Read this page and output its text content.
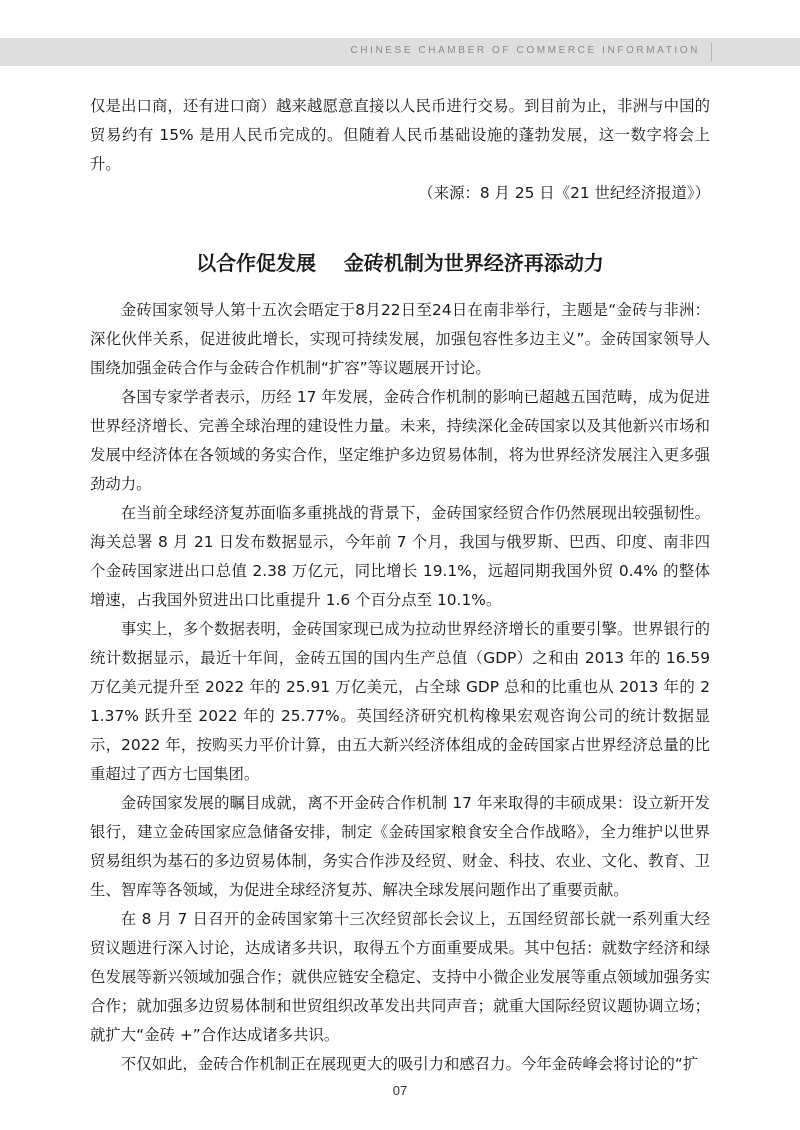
CHINESE CHAMBER OF COMMERCE INFORMATION

仅是出口商，还有进口商）越来越愿意直接以人民币进行交易。到目前为止，非洲与中国的贸易约有 15% 是用人民币完成的。但随着人民币基础设施的蓬勃发展，这一数字将会上升。

（来源：8 月 25 日《21 世纪经济报道》）

以合作促发展    金砖机制为世界经济再添动力

金砖国家领导人第十五次会晤定于8月22日至24日在南非举行，主题是“金砖与非洲：深化伙伴关系，促进彼此增长，实现可持续发展，加强包容性多边主义”。金砖国家领导人围绕加强金砖合作与金砖合作机制“扩容”等议题展开讨论。

各国专家学者表示，历经 17 年发展，金砖合作机制的影响已超越五国范畴，成为促进世界经济增长、完善全球治理的建设性力量。未来，持续深化金砖国家以及其他新兴市场和发展中经济体在各领域的务实合作，坚定维护多边贸易体制，将为世界经济发展注入更多强劲动力。

在当前全球经济复苏面临多重挑战的背景下，金砖国家经贸合作仍然展现出较强韧性。海关总署 8 月 21 日发布数据显示，今年前 7 个月，我国与俄罗斯、巴西、印度、南非四个金砖国家进出口总值 2.38 万亿元，同比增长 19.1%，远超同期我国外贸 0.4% 的整体增速，占我国外贸进出口比重提升 1.6 个百分点至 10.1%。

事实上，多个数据表明，金砖国家现已成为拉动世界经济增长的重要引擎。世界银行的统计数据显示，最近十年间，金砖五国的国内生产总值（GDP）之和由 2013 年的 16.59 万亿美元提升至 2022 年的 25.91 万亿美元，占全球 GDP 总和的比重也从 2013 年的 21.37% 跃升至 2022 年的 25.77%。英国经济研究机构橡果宏观咨询公司的统计数据显示，2022 年，按购买力平价计算，由五大新兴经济体组成的金砖国家占世界经济总量的比重超过了西方七国集团。

金砖国家发展的瞩目成就，离不开金砖合作机制 17 年来取得的丰硕成果：设立新开发银行，建立金砖国家应急储备安排，制定《金砖国家粮食安全合作战略》，全力维护以世界贸易组织为基石的多边贸易体制，务实合作涉及经贸、财金、科技、农业、文化、教育、卫生、智库等各领域，为促进全球经济复苏、解决全球发展问题作出了重要贡献。

在 8 月 7 日召开的金砖国家第十三次经贸部长会议上，五国经贸部长就一系列重大经贸议题进行深入讨论，达成诸多共识，取得五个方面重要成果。其中包括：就数字经济和绿色发展等新兴领域加强合作；就供应链安全稳定、支持中小微企业发展等重点领域加强务实合作；就加强多边贸易体制和世贸组织改革发出共同声音；就重大国际经贸议题协调立场；就扩大“金砖 +”合作达成诸多共识。

不仅如此，金砖合作机制正在展现更大的吸引力和感召力。今年金砖峰会将讨论的“扩

07
